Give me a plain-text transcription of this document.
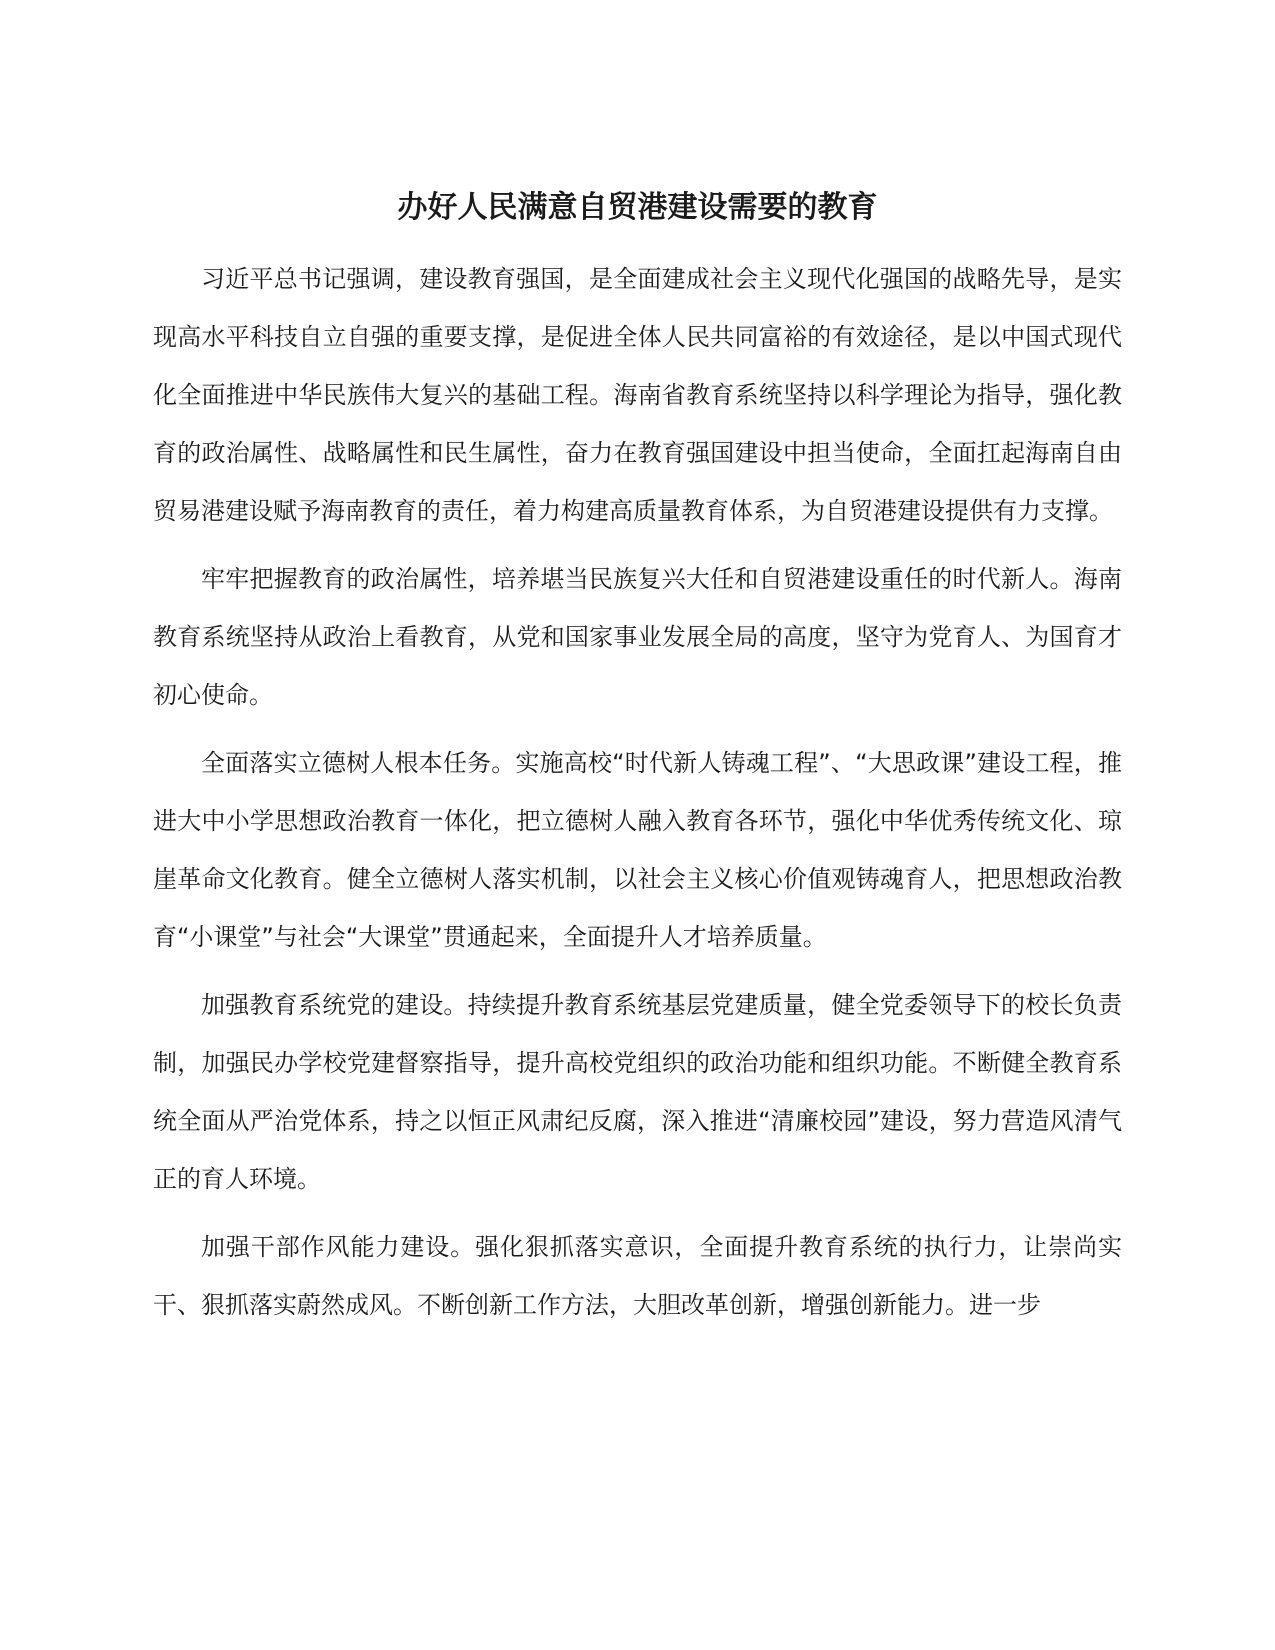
办好人民满意自贸港建设需要的教育

习近平总书记强调，建设教育强国，是全面建成社会主义现代化强国的战略先导，是实现高水平科技自立自强的重要支撑，是促进全体人民共同富裕的有效途径，是以中国式现代化全面推进中华民族伟大复兴的基础工程。海南省教育系统坚持以科学理论为指导，强化教育的政治属性、战略属性和民生属性，奋力在教育强国建设中担当使命，全面扛起海南自由贸易港建设赋予海南教育的责任，着力构建高质量教育体系，为自贸港建设提供有力支撑。

牢牢把握教育的政治属性，培养堪当民族复兴大任和自贸港建设重任的时代新人。海南教育系统坚持从政治上看教育，从党和国家事业发展全局的高度，坚守为党育人、为国育才初心使命。

全面落实立德树人根本任务。实施高校“时代新人铸魂工程”、“大思政课”建设工程，推进大中小学思想政治教育一体化，把立德树人融入教育各环节，强化中华优秀传统文化、琼崖革命文化教育。健全立德树人落实机制，以社会主义核心价值观铸魂育人，把思想政治教育“小课堂”与社会“大课堂”贯通起来，全面提升人才培养质量。

加强教育系统党的建设。持续提升教育系统基层党建质量，健全党委领导下的校长负责制，加强民办学校党建督察指导，提升高校党组织的政治功能和组织功能。不断健全教育系统全面从严治党体系，持之以恒正风肃纪反腐，深入推进“清廉校园”建设，努力营造风清气正的育人环境。

加强干部作风能力建设。强化狠抓落实意识，全面提升教育系统的执行力，让崇尚实干、狠抓落实蔚然成风。不断创新工作方法，大胆改革创新，增强创新能力。进一步
